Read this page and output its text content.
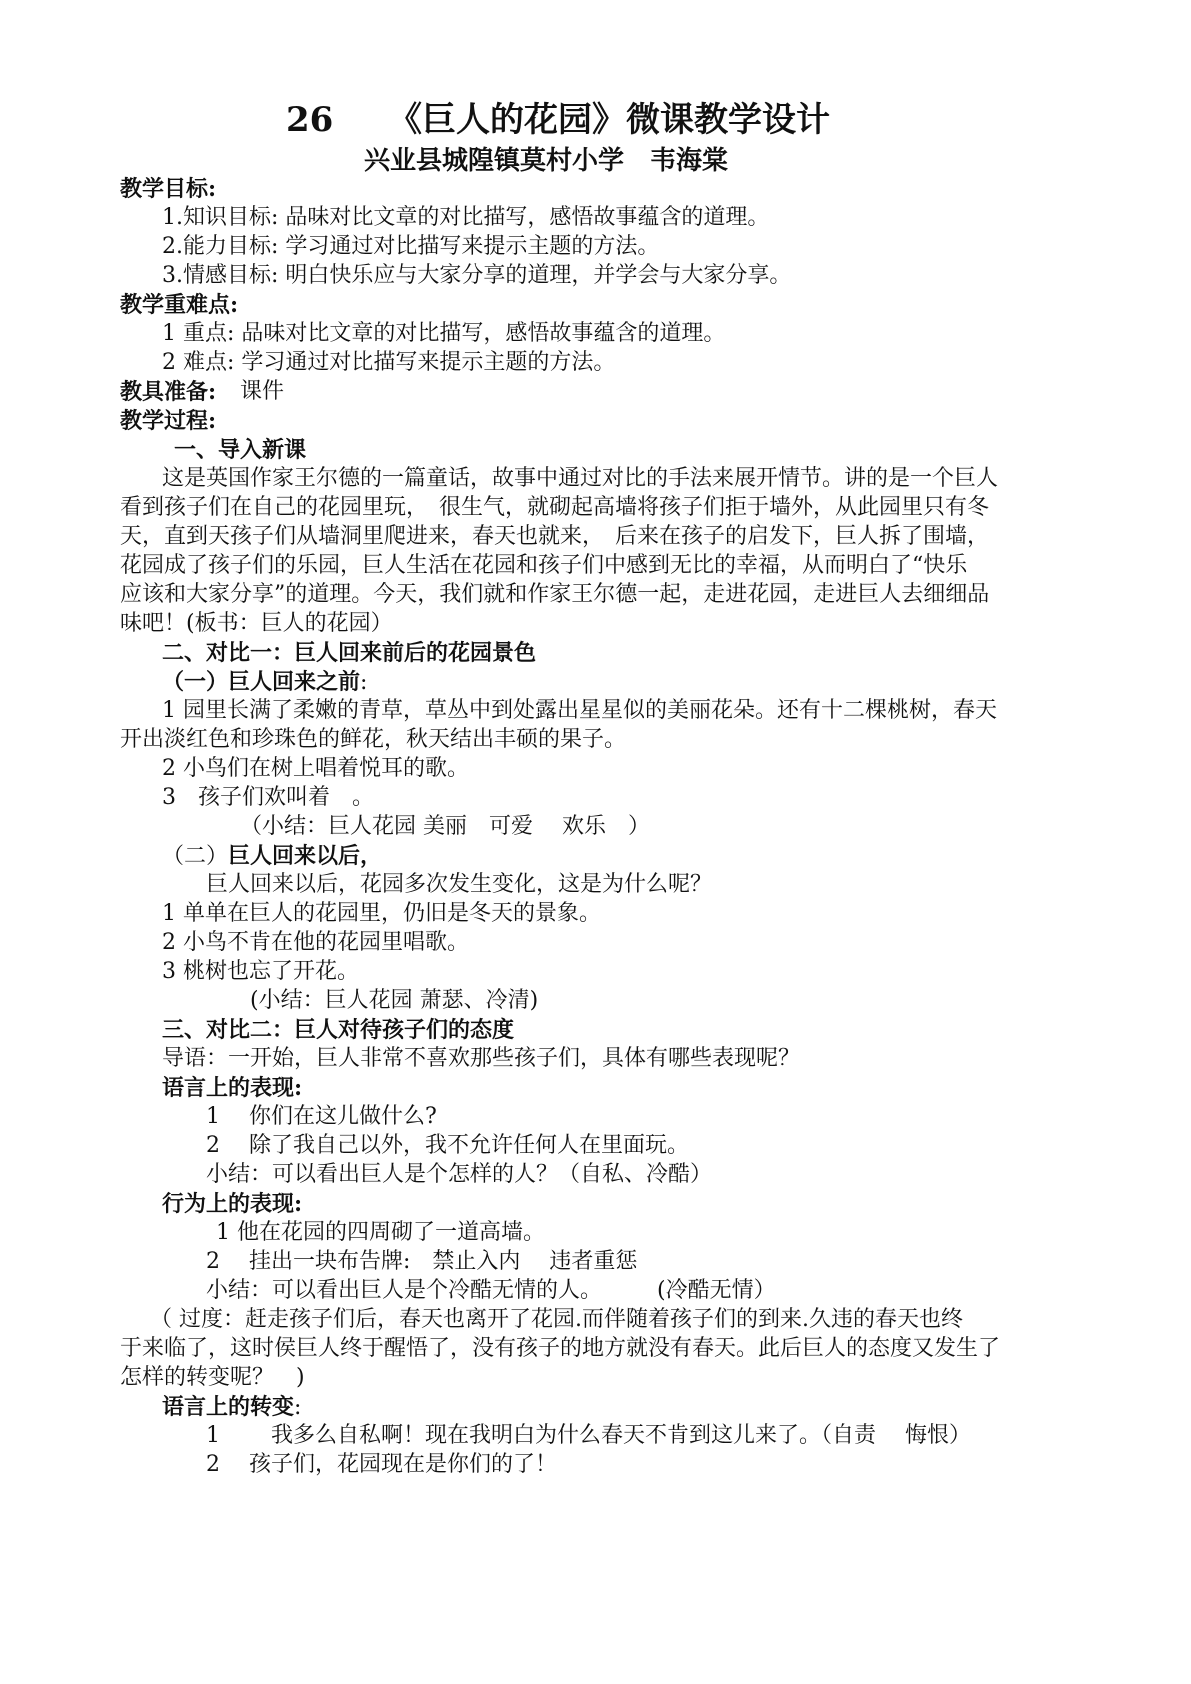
26 《巨人的花园》微课教学设计
兴业县城隍镇莫村小学　韦海棠
教学目标:
1.知识目标: 品味对比文章的对比描写，感悟故事蕴含的道理。
2.能力目标: 学习通过对比描写来提示主题的方法。
3.情感目标: 明白快乐应与大家分享的道理，并学会与大家分享。
教学重难点:
1 重点: 品味对比文章的对比描写，感悟故事蕴含的道理。
2 难点: 学习通过对比描写来提示主题的方法。
教具准备: 课件
教学过程:
一、导入新课
这是英国作家王尔德的一篇童话，故事中通过对比的手法来展开情节。讲的是一个巨人
看到孩子们在自己的花园里玩，　很生气，就砌起高墙将孩子们拒于墙外，从此园里只有冬
天，直到天孩子们从墙洞里爬进来，春天也就来，　后来在孩子的启发下，巨人拆了围墙，
花园成了孩子们的乐园，巨人生活在花园和孩子们中感到无比的幸福，从而明白了“快乐
应该和大家分享”的道理。今天，我们就和作家王尔德一起，走进花园，走进巨人去细细品
味吧！(板书：巨人的花园）
二、对比一：巨人回来前后的花园景色
（一）巨人回来之前:
1 园里长满了柔嫩的青草，草丛中到处露出星星似的美丽花朵。还有十二棵桃树，春天
开出淡红色和珍珠色的鲜花，秋天结出丰硕的果子。
2 小鸟们在树上唱着悦耳的歌。
3　孩子们欢叫着　。
（小结：巨人花园 美丽　可爱　 欢乐　）
（二）巨人回来以后，
巨人回来以后，花园多次发生变化，这是为什么呢？
1 单单在巨人的花园里，仍旧是冬天的景象。
2 小鸟不肯在他的花园里唱歌。
3 桃树也忘了开花。
(小结：巨人花园 萧瑟、冷清)
三、对比二：巨人对待孩子们的态度
导语：一开始，巨人非常不喜欢那些孩子们，具体有哪些表现呢？
语言上的表现:
1　 你们在这儿做什么?
2　 除了我自己以外，我不允许任何人在里面玩。
小结：可以看出巨人是个怎样的人？（自私、冷酷）
行为上的表现:
1 他在花园的四周砌了一道高墙。
2　 挂出一块布告牌:　禁止入内　 违者重惩
小结：可以看出巨人是个冷酷无情的人。　　　(冷酷无情）
（ 过度：赶走孩子们后，春天也离开了花园.而伴随着孩子们的到来.久违的春天也终
于来临了，这时侯巨人终于醒悟了，没有孩子的地方就没有春天。此后巨人的态度又发生了
怎样的转变呢？　)
语言上的转变:
1　　 我多么自私啊！现在我明白为什么春天不肯到这儿来了。（自责　 悔恨）
2　 孩子们，花园现在是你们的了！
